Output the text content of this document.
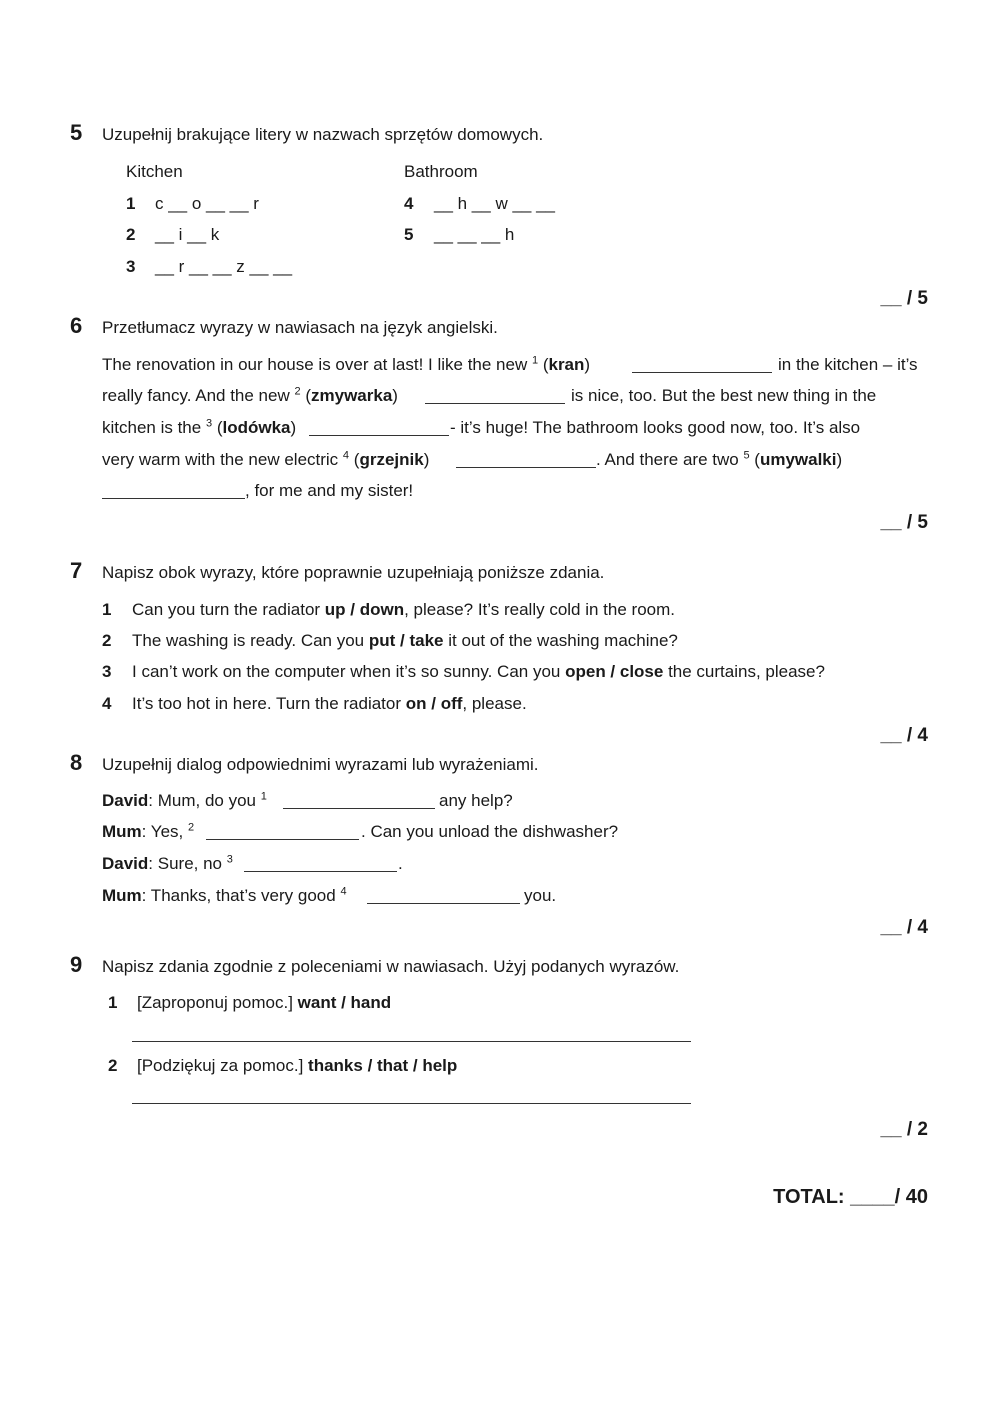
5 Uzupełnij brakujące litery w nazwach sprzętów domowych.
Kitchen	Bathroom
1 c __ o __ __ r
2 __ i __ k
3 __ r __ __ z __ __
4 __ h __ w __ __
5 __ __ __ h
__ / 5
6 Przetłumacz wyrazy w nawiasach na język angielski.
The renovation in our house is over at last! I like the new $^1$ (kran)	in the kitchen – it’s
really fancy. And the new $^2$ (zmywarka)	is nice, too. But the best new thing in the
kitchen is the $^3$ (lodówka)	- it’s huge! The bathroom looks good now, too. It’s also
very warm with the new electric $^4$ (grzejnik)	. And there are two $^5$ (umywalki)
, for me and my sister!
__ / 5
7 Napisz obok wyrazy, które poprawnie uzupełniają poniższe zdania.
1 Can you turn the radiator up / down, please? It’s really cold in the room.
2 The washing is ready. Can you put / take it out of the washing machine?
3 I can’t work on the computer when it’s so sunny. Can you open / close the curtains, please?
4 It’s too hot in here. Turn the radiator on / off, please.
__ / 4
8 Uzupełnij dialog odpowiednimi wyrazami lub wyrażeniami.
David: Mum, do you $^1$	any help?
Mum: Yes, $^2$	. Can you unload the dishwasher?
David: Sure, no $^3$	.
Mum: Thanks, that’s very good $^4$	you.
__ / 4
9 Napisz zdania zgodnie z poleceniami w nawiasach. Użyj podanych wyrazów.
1 [Zaproponuj pomoc.] want / hand
2 [Podziękuj za pomoc.] thanks / that / help
__ / 2
TOTAL: ____/ 40
